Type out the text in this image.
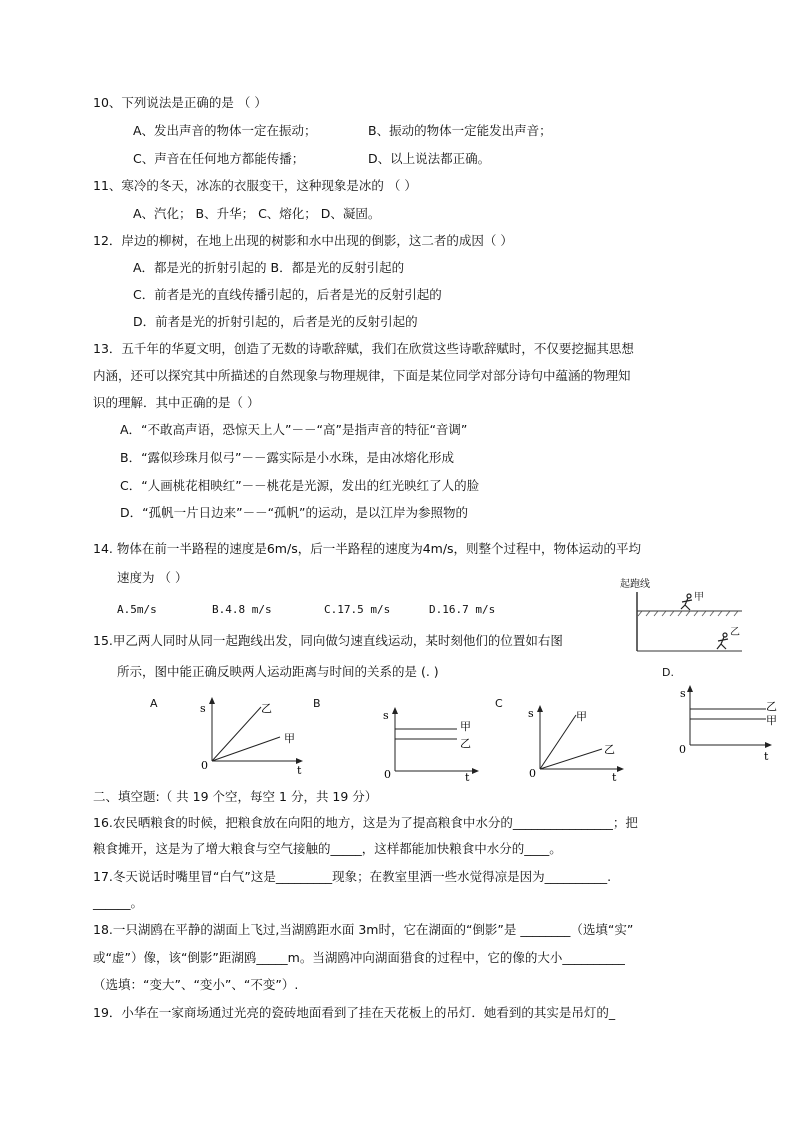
10、下列说法是正确的是 （ ）
A、发出声音的物体一定在振动；	B、振动的物体一定能发出声音；
C、声音在任何地方都能传播；	D、以上说法都正确。
11、寒冷的冬天，冰冻的衣服变干，这种现象是冰的 （ ）
A、汽化； B、升华； C、熔化； D、凝固。
12．岸边的柳树，在地上出现的树影和水中出现的倒影，这二者的成因（ ）
A．都是光的折射引起的 B．都是光的反射引起的
C．前者是光的直线传播引起的，后者是光的反射引起的
D．前者是光的折射引起的，后者是光的反射引起的
13．五千年的华夏文明，创造了无数的诗歌辞赋，我们在欣赏这些诗歌辞赋时，不仅要挖掘其思想
内涵，还可以探究其中所描述的自然现象与物理规律，下面是某位同学对部分诗句中蕴涵的物理知
识的理解．其中正确的是（ ）
A．“不敢高声语，恐惊天上人”－－“高”是指声音的特征“音调”
B．“露似珍珠月似弓”－－露实际是小水珠，是由冰熔化形成
C．“人画桃花相映红”－－桃花是光源，发出的红光映红了人的脸
D．“孤帆一片日边来”－－“孤帆”的运动，是以江岸为参照物的
14. 物体在前一半路程的速度是6m/s，后一半路程的速度为4m/s，则整个过程中，物体运动的平均
速度为 （ ）
A.5m/s	B.4.8 m/s	C.17.5 m/s	D.16.7 m/s
起跑线
甲
乙
15.甲乙两人同时从同一起跑线出发，同向做匀速直线运动，某时刻他们的位置如右图
所示，图中能正确反映两人运动距离与时间的关系的是 (. )
A	B	C
D.
s
t
0
乙
甲
s
t
0
甲
乙
s
t
0
甲
乙
s
t
0
乙
甲
二、填空题:（ 共 19 个空，每空 1 分，共 19 分）
16.农民晒粮食的时候，把粮食放在向阳的地方，这是为了提高粮食中水分的________________；把
粮食摊开，这是为了增大粮食与空气接触的_____，这样都能加快粮食中水分的____。
17.冬天说话时嘴里冒“白气”这是_________现象；在教室里洒一些水觉得凉是因为__________.
______。
18.一只湖鸥在平静的湖面上飞过,当湖鸥距水面 3m时，它在湖面的“倒影”是 ________（选填“实”
或“虚”）像，该“倒影”距湖鸥_____m。当湖鸥冲向湖面猎食的过程中，它的像的大小__________
（选填：“变大”、“变小”、“不变”）.
19．小华在一家商场通过光亮的瓷砖地面看到了挂在天花板上的吊灯．她看到的其实是吊灯的_
